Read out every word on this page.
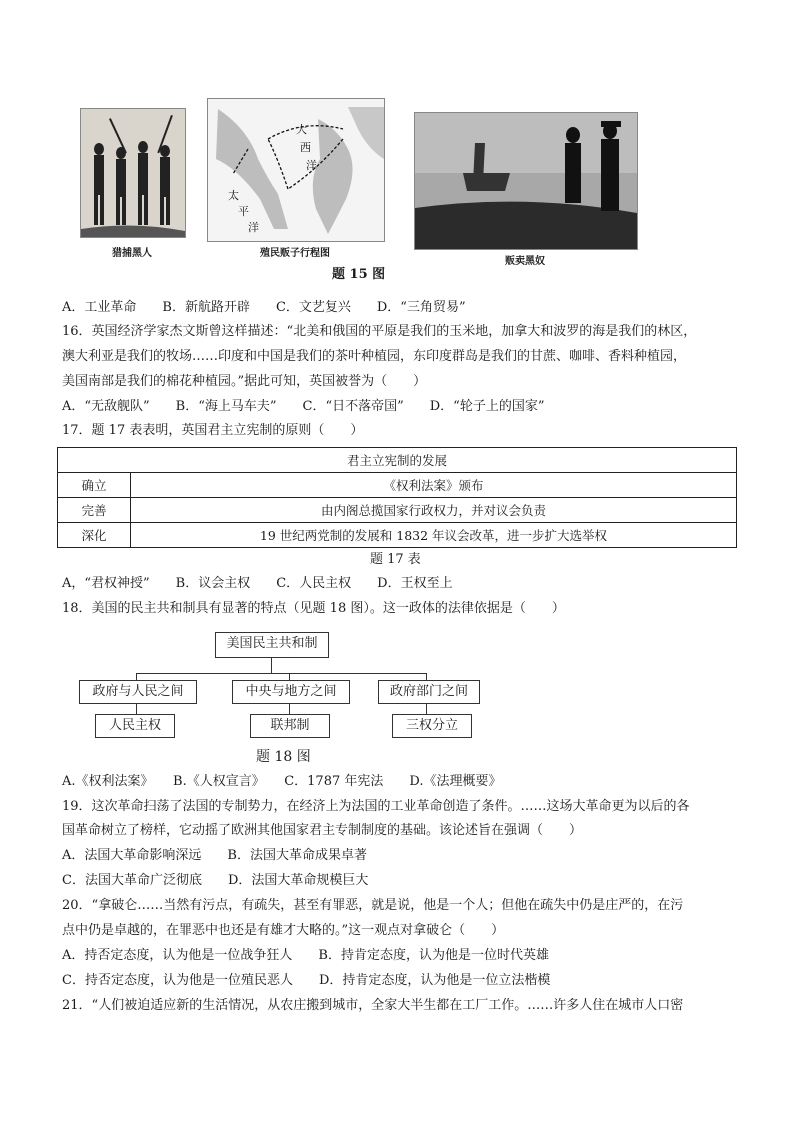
猎捕黑人
大
西
洋
太
平
洋
殖民贩子行程图
贩卖黑奴
题 15 图
A．工业革命　　B．新航路开辟　　C．文艺复兴　　D．“三角贸易”
16．英国经济学家杰文斯曾这样描述：“北美和俄国的平原是我们的玉米地，加拿大和波罗的海是我们的林区，
澳大利亚是我们的牧场……印度和中国是我们的茶叶种植园，东印度群岛是我们的甘蔗、咖啡、香料种植园，
美国南部是我们的棉花种植园。”据此可知，英国被誉为（　　）
A．“无敌舰队”　　B．“海上马车夫”　　C．“日不落帝国”　　D．“轮子上的国家”
17．题 17 表表明，英国君主立宪制的原则（　　）
君主立宪制的发展	
确立	《权利法案》颁布
完善	由内阁总揽国家行政权力，并对议会负责
深化	19 世纪两党制的发展和 1832 年议会改革，进一步扩大选举权
题 17 表
A，“君权神授”　　B．议会主权　　C．人民主权　　D．王权至上
18．美国的民主共和制具有显著的特点（见题 18 图）。这一政体的法律依据是（　　）
美国民主共和制
政府与人民之间	中央与地方之间	政府部门之间
人民主权	联邦制	三权分立
题 18 图
A.《权利法案》　　B.《人权宣言》　　C．1787 年宪法　　D.《法理概要》
19．这次革命扫荡了法国的专制势力，在经济上为法国的工业革命创造了条件。……这场大革命更为以后的各
国革命树立了榜样，它动摇了欧洲其他国家君主专制制度的基础。该论述旨在强调（　　）
A．法国大革命影响深远　　B．法国大革命成果卓著
C．法国大革命广泛彻底　　D．法国大革命规模巨大
20．“拿破仑……当然有污点，有疏失，甚至有罪恶，就是说，他是一个人；但他在疏失中仍是庄严的，在污
点中仍是卓越的，在罪恶中也还是有雄才大略的。”这一观点对拿破仑（　　）
A．持否定态度，认为他是一位战争狂人　　B．持肯定态度，认为他是一位时代英雄
C．持否定态度，认为他是一位殖民恶人　　D．持肯定态度，认为他是一位立法楷模
21．“人们被迫适应新的生活情况，从农庄搬到城市，全家大半生都在工厂工作。……许多人住在城市人口密
